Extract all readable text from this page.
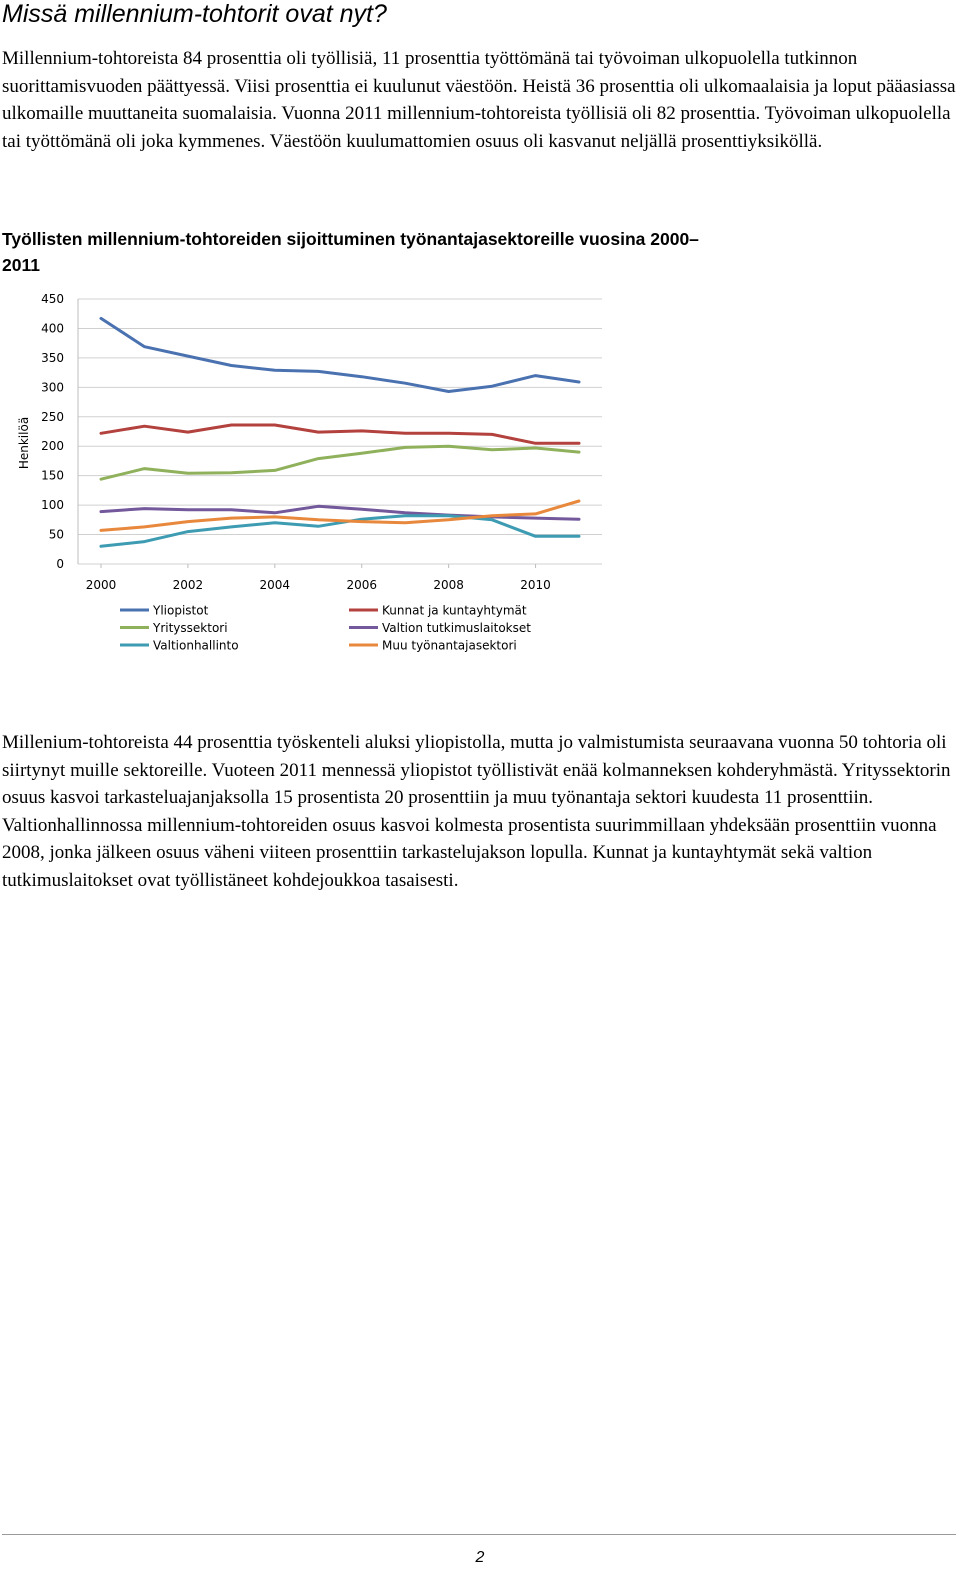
Missä millennium-tohtorit ovat nyt?

Millennium-tohtoreista 84 prosenttia oli työllisiä, 11 prosenttia työttömänä tai työvoiman ulkopuolella tutkinnon suorittamisvuoden päättyessä. Viisi prosenttia ei kuulunut väestöön. Heistä 36 prosenttia oli ulkomaalaisia ja loput pääasiassa ulkomaille muuttaneita suomalaisia. Vuonna 2011 millennium-tohtoreista työllisiä oli 82 prosenttia. Työvoiman ulkopuolella tai työttömänä oli joka kymmenes. Väestöön kuulumattomien osuus oli kasvanut neljällä prosenttiyksiköllä.

Työllisten millennium-tohtoreiden sijoittuminen työnantajasektoreille vuosina 2000–2011
0
50
100
150
200
250
300
350
400
450
2000	2002	2004	2006	2008	2010
Henkilöä
Yliopistot	Kunnat ja kuntayhtymät
Yrityssektori	Valtion tutkimuslaitokset
Valtionhallinto	Muu työnantajasektori

Millenium-tohtoreista 44 prosenttia työskenteli aluksi yliopistolla, mutta jo valmistumista seuraavana vuonna 50 tohtoria oli siirtynyt muille sektoreille. Vuoteen 2011 mennessä yliopistot työllistivät enää kolmanneksen kohderyhmästä. Yrityssektorin osuus kasvoi tarkasteluajanjaksolla 15 prosentista 20 prosenttiin ja muu työnantaja sektori kuudesta 11 prosenttiin. Valtionhallinnossa millennium-tohtoreiden osuus kasvoi kolmesta prosentista suurimmillaan yhdeksään prosenttiin vuonna 2008, jonka jälkeen osuus väheni viiteen prosenttiin tarkastelujakson lopulla. Kunnat ja kuntayhtymät sekä valtion tutkimuslaitokset ovat työllistäneet kohdejoukkoa tasaisesti.

2
